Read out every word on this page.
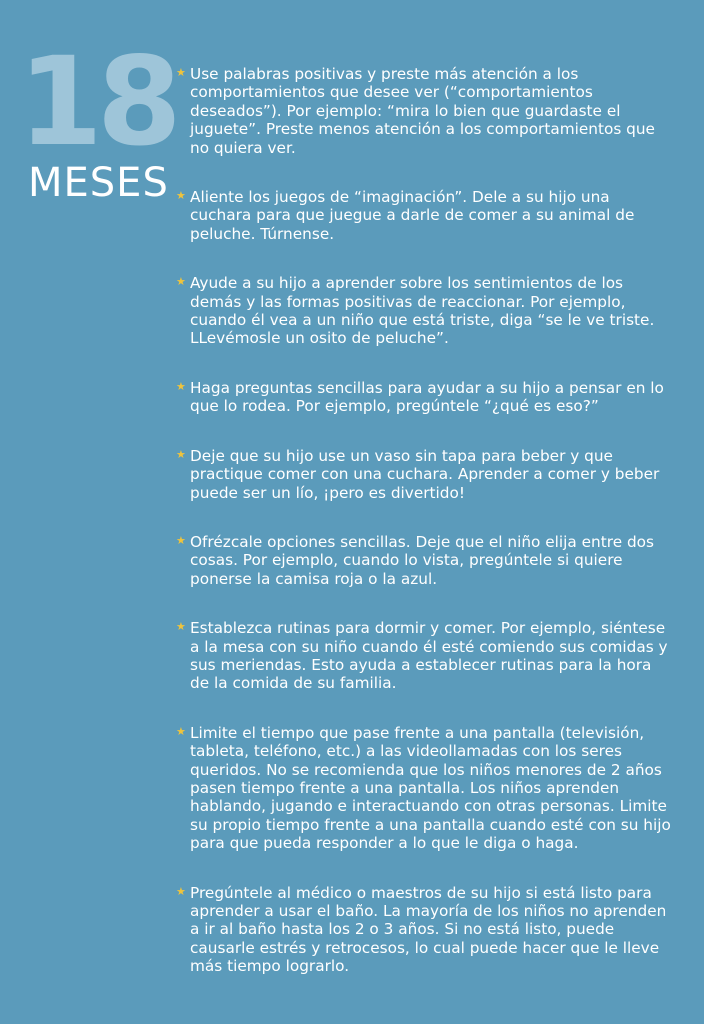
18
MESES
★ Use palabras positivas y preste más atención a los comportamientos que desee ver (“comportamientos deseados”). Por ejemplo: “mira lo bien que guardaste el juguete”. Preste menos atención a los comportamientos que no quiera ver.
★ Aliente los juegos de “imaginación”. Dele a su hijo una cuchara para que juegue a darle de comer a su animal de peluche. Túrnense.
★ Ayude a su hijo a aprender sobre los sentimientos de los demás y las formas positivas de reaccionar. Por ejemplo, cuando él vea a un niño que está triste, diga “se le ve triste. LLevémosle un osito de peluche”.
★ Haga preguntas sencillas para ayudar a su hijo a pensar en lo que lo rodea. Por ejemplo, pregúntele “¿qué es eso?”
★ Deje que su hijo use un vaso sin tapa para beber y que practique comer con una cuchara. Aprender a comer y beber puede ser un lío, ¡pero es divertido!
★ Ofrézcale opciones sencillas. Deje que el niño elija entre dos cosas. Por ejemplo, cuando lo vista, pregúntele si quiere ponerse la camisa roja o la azul.
★ Establezca rutinas para dormir y comer. Por ejemplo, siéntese a la mesa con su niño cuando él esté comiendo sus comidas y sus meriendas. Esto ayuda a establecer rutinas para la hora de la comida de su familia.
★ Limite el tiempo que pase frente a una pantalla (televisión, tableta, teléfono, etc.) a las videollamadas con los seres queridos. No se recomienda que los niños menores de 2 años pasen tiempo frente a una pantalla. Los niños aprenden hablando, jugando e interactuando con otras personas. Limite su propio tiempo frente a una pantalla cuando esté con su hijo para que pueda responder a lo que le diga o haga.
★ Pregúntele al médico o maestros de su hijo si está listo para aprender a usar el baño. La mayoría de los niños no aprenden a ir al baño hasta los 2 o 3 años. Si no está listo, puede causarle estrés y retrocesos, lo cual puede hacer que le lleve más tiempo lograrlo.
